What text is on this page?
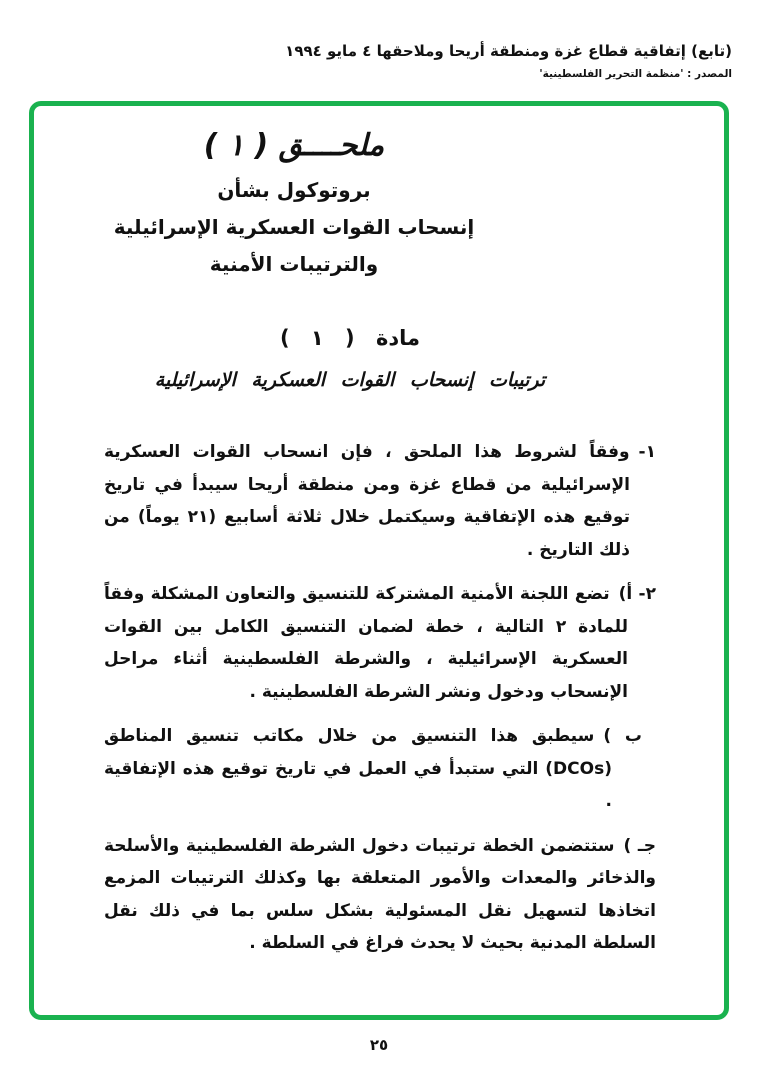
(تابع) إتفاقية قطاع غزة ومنطقة أريحا وملاحقها ٤ مايو ١٩٩٤
المصدر : 'منظمة التحرير الفلسطينية'
ملحــــق ( ١ )
بروتوكول بشأن
إنسحاب القوات العسكرية الإسرائيلية
والترتيبات الأمنية
مادة ( ١ )
ترتيبات إنسحاب القوات العسكرية الإسرائيلية

١-وفقاً لشروط هذا الملحق ، فإن انسحاب القوات العسكرية الإسرائيلية من قطاع غزة ومن منطقة أريحا سيبدأ في تاريخ توقيع هذه الإتفاقية وسيكتمل خلال ثلاثة أسابيع (٢١ يوماً) من ذلك التاريخ .

٢- أ)تضع اللجنة الأمنية المشتركة للتنسيق والتعاون المشكلة وفقاً للمادة ٢ التالية ، خطة لضمان التنسيق الكامل بين القوات العسكرية الإسرائيلية ، والشرطة الفلسطينية أثناء مراحل الإنسحاب ودخول ونشر الشرطة الفلسطينية .

ب )سيطبق هذا التنسيق من خلال مكاتب تنسيق المناطق (DCOs) التي ستبدأ في العمل في تاريخ توقيع هذه الإتفاقية .

جـ )ستتضمن الخطة ترتيبات دخول الشرطة الفلسطينية والأسلحة والذخائر والمعدات والأمور المتعلقة بها وكذلك الترتيبات المزمع اتخاذها لتسهيل نقل المسئولية بشكل سلس بما في ذلك نقل السلطة المدنية بحيث لا يحدث فراغ في السلطة .

٢٥
